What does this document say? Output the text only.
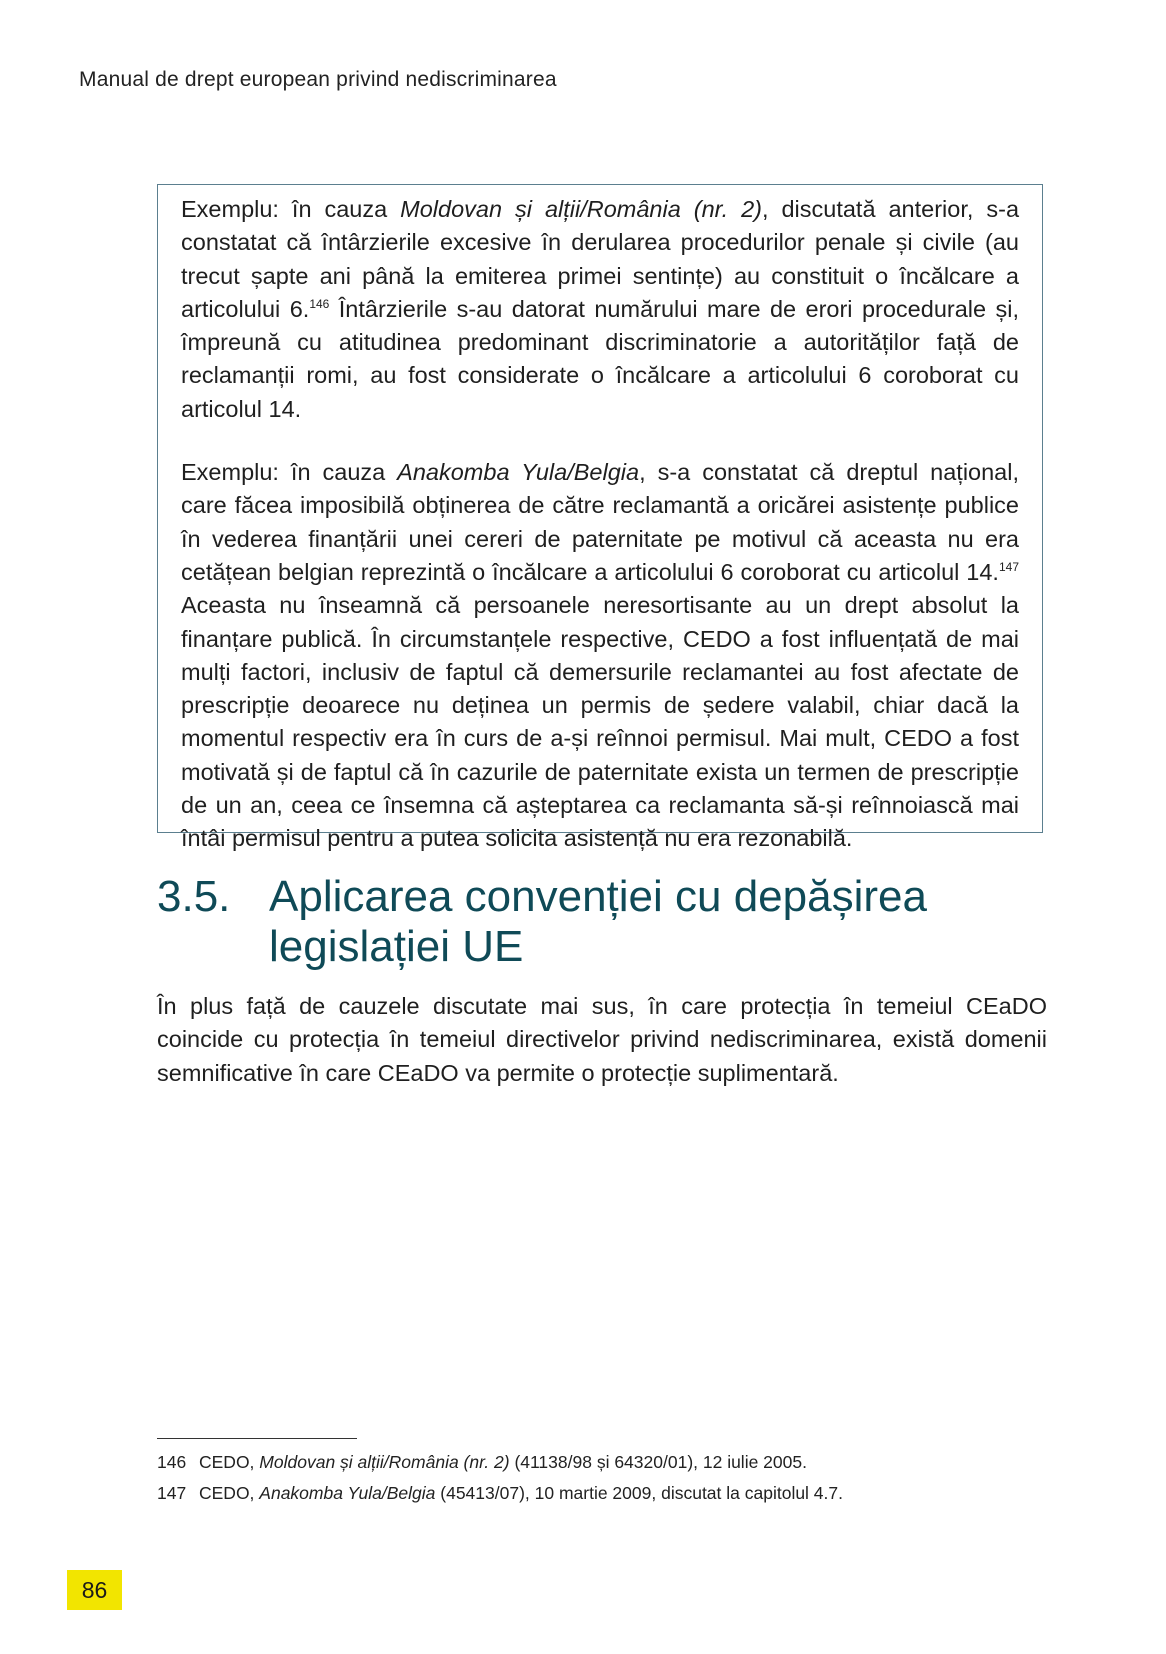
Manual de drept european privind nediscriminarea

Exemplu: în cauza Moldovan și alții/România (nr. 2), discutată anterior, s-a constatat că întârzierile excesive în derularea procedurilor penale și civile (au trecut șapte ani până la emiterea primei sentințe) au constituit o încălcare a articolului 6.$^{146}$ Întârzierile s-au datorat numărului mare de erori procedurale și, împreună cu atitudinea predominant discriminatorie a autorităților față de reclamanții romi, au fost considerate o încălcare a articolului 6 coroborat cu articolul 14.

Exemplu: în cauza Anakomba Yula/Belgia, s-a constatat că dreptul național, care făcea imposibilă obținerea de către reclamantă a oricărei asistențe publice în vederea finanțării unei cereri de paternitate pe motivul că aceasta nu era cetățean belgian reprezintă o încălcare a articolului 6 coroborat cu articolul 14.$^{147}$ Aceasta nu înseamnă că persoanele neresortisante au un drept absolut la finanțare publică. În circumstanțele respective, CEDO a fost influențată de mai mulți factori, inclusiv de faptul că demersurile reclamantei au fost afectate de prescripție deoarece nu deținea un permis de ședere valabil, chiar dacă la momentul respectiv era în curs de a-și reînnoi permisul. Mai mult, CEDO a fost motivată și de faptul că în cazurile de paternitate exista un termen de prescripție de un an, ceea ce însemna că așteptarea ca reclamanta să-și reînnoiască mai întâi permisul pentru a putea solicita asistență nu era rezonabilă.

3.5. Aplicarea convenției cu depășirea legislației UE

În plus față de cauzele discutate mai sus, în care protecția în temeiul CEaDO coincide cu protecția în temeiul directivelor privind nediscriminarea, există domenii semnificative în care CEaDO va permite o protecție suplimentară.

146 CEDO, Moldovan și alții/România (nr. 2) (41138/98 și 64320/01), 12 iulie 2005.
147 CEDO, Anakomba Yula/Belgia (45413/07), 10 martie 2009, discutat la capitolul 4.7.
86
